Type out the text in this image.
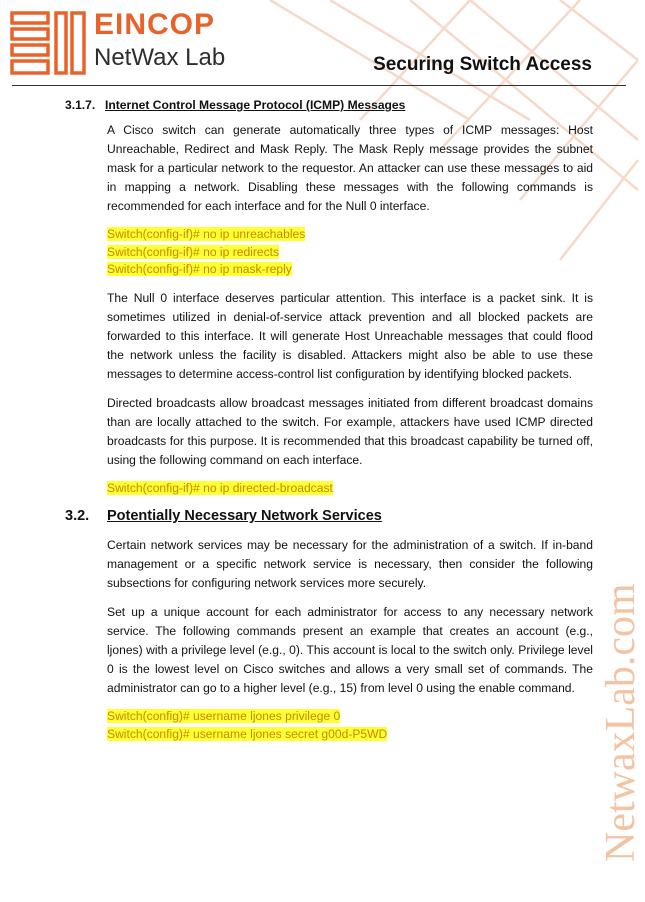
EINCOP
NetWax Lab	Securing Switch Access
NetwaxLab.com
3.1.7. Internet Control Message Protocol (ICMP) Messages

A Cisco switch can generate automatically three types of ICMP messages: Host Unreachable, Redirect and Mask Reply. The Mask Reply message provides the subnet mask for a particular network to the requestor. An attacker can use these messages to aid in mapping a network. Disabling these messages with the following commands is recommended for each interface and for the Null 0 interface.

Switch(config-if)# no ip unreachables
Switch(config-if)# no ip redirects
Switch(config-if)# no ip mask-reply

The Null 0 interface deserves particular attention. This interface is a packet sink. It is sometimes utilized in denial-of-service attack prevention and all blocked packets are forwarded to this interface. It will generate Host Unreachable messages that could flood the network unless the facility is disabled. Attackers might also be able to use these messages to determine access-control list configuration by identifying blocked packets.

Directed broadcasts allow broadcast messages initiated from different broadcast domains than are locally attached to the switch. For example, attackers have used ICMP directed broadcasts for this purpose. It is recommended that this broadcast capability be turned off, using the following command on each interface.

Switch(config-if)# no ip directed-broadcast
3.2.	Potentially Necessary Network Services

Certain network services may be necessary for the administration of a switch. If in-band management or a specific network service is necessary, then consider the following subsections for configuring network services more securely.

Set up a unique account for each administrator for access to any necessary network service. The following commands present an example that creates an account (e.g., ljones) with a privilege level (e.g., 0). This account is local to the switch only. Privilege level 0 is the lowest level on Cisco switches and allows a very small set of commands. The administrator can go to a higher level (e.g., 15) from level 0 using the enable command.

Switch(config)# username ljones privilege 0
Switch(config)# username ljones secret g00d-P5WD
